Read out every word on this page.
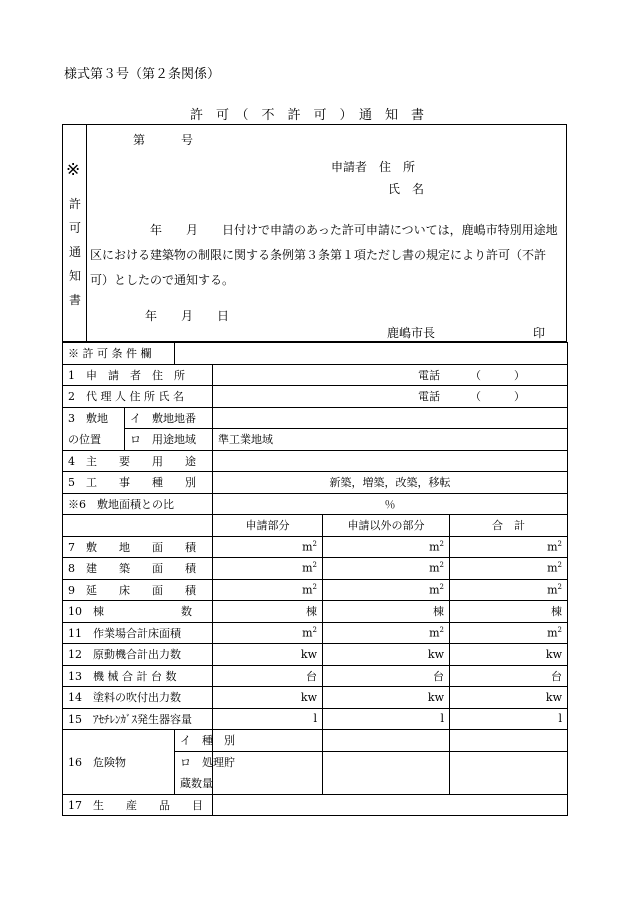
様式第３号（第２条関係）
許　可　（　不　許　可　）　通　知　書
※
許
可
通
知
書
第　　　号
申請者　住　所
氏　名
　　　　　年　　月　　日付けで申請のあった許可申請については，鹿嶋市特別用途地区における建築物の制限に関する条例第３条第１項ただし書の規定により許可（不許可）としたので通知する。
年　　月　　日
鹿嶋市長	印
※ 許 可 条 件 欄					
1　申　請　者　住　所			電話 （　　　）		
2　代 理 人 住 所 氏 名			電話 （　　　）		
3　敷地	イ　敷地地番				
の位置	ロ　用途地域		準工業地域		
4　主　　要　　用　　途					
5　工　　事　　種　　別			新築，増築，改築，移転		
※6　敷地面積との比			％		
			申請部分	申請以外の部分	合　計
7　敷　　地　　面　　積			$m^2$	$m^2$	$m^2$
8　建　　築　　面　　積			$m^2$	$m^2$	$m^2$
9　延　　床　　面　　積			$m^2$	$m^2$	$m^2$
10　棟　　　　　　　数			棟	棟	棟
11　作業場合計床面積			$m^2$	$m^2$	$m^2$
12　原動機合計出力数			kw	kw	kw
13　機 械 合 計 台 数			台	台	台
14　塗料の吹付出力数			kw	kw	kw
15　ｱｾﾁﾚﾝｶﾞｽ発生器容量			l	l	l
16　危険物		イ　種　別			
		ロ　処理貯			
		蔵数量			
17　生　　産　　品　　目					
